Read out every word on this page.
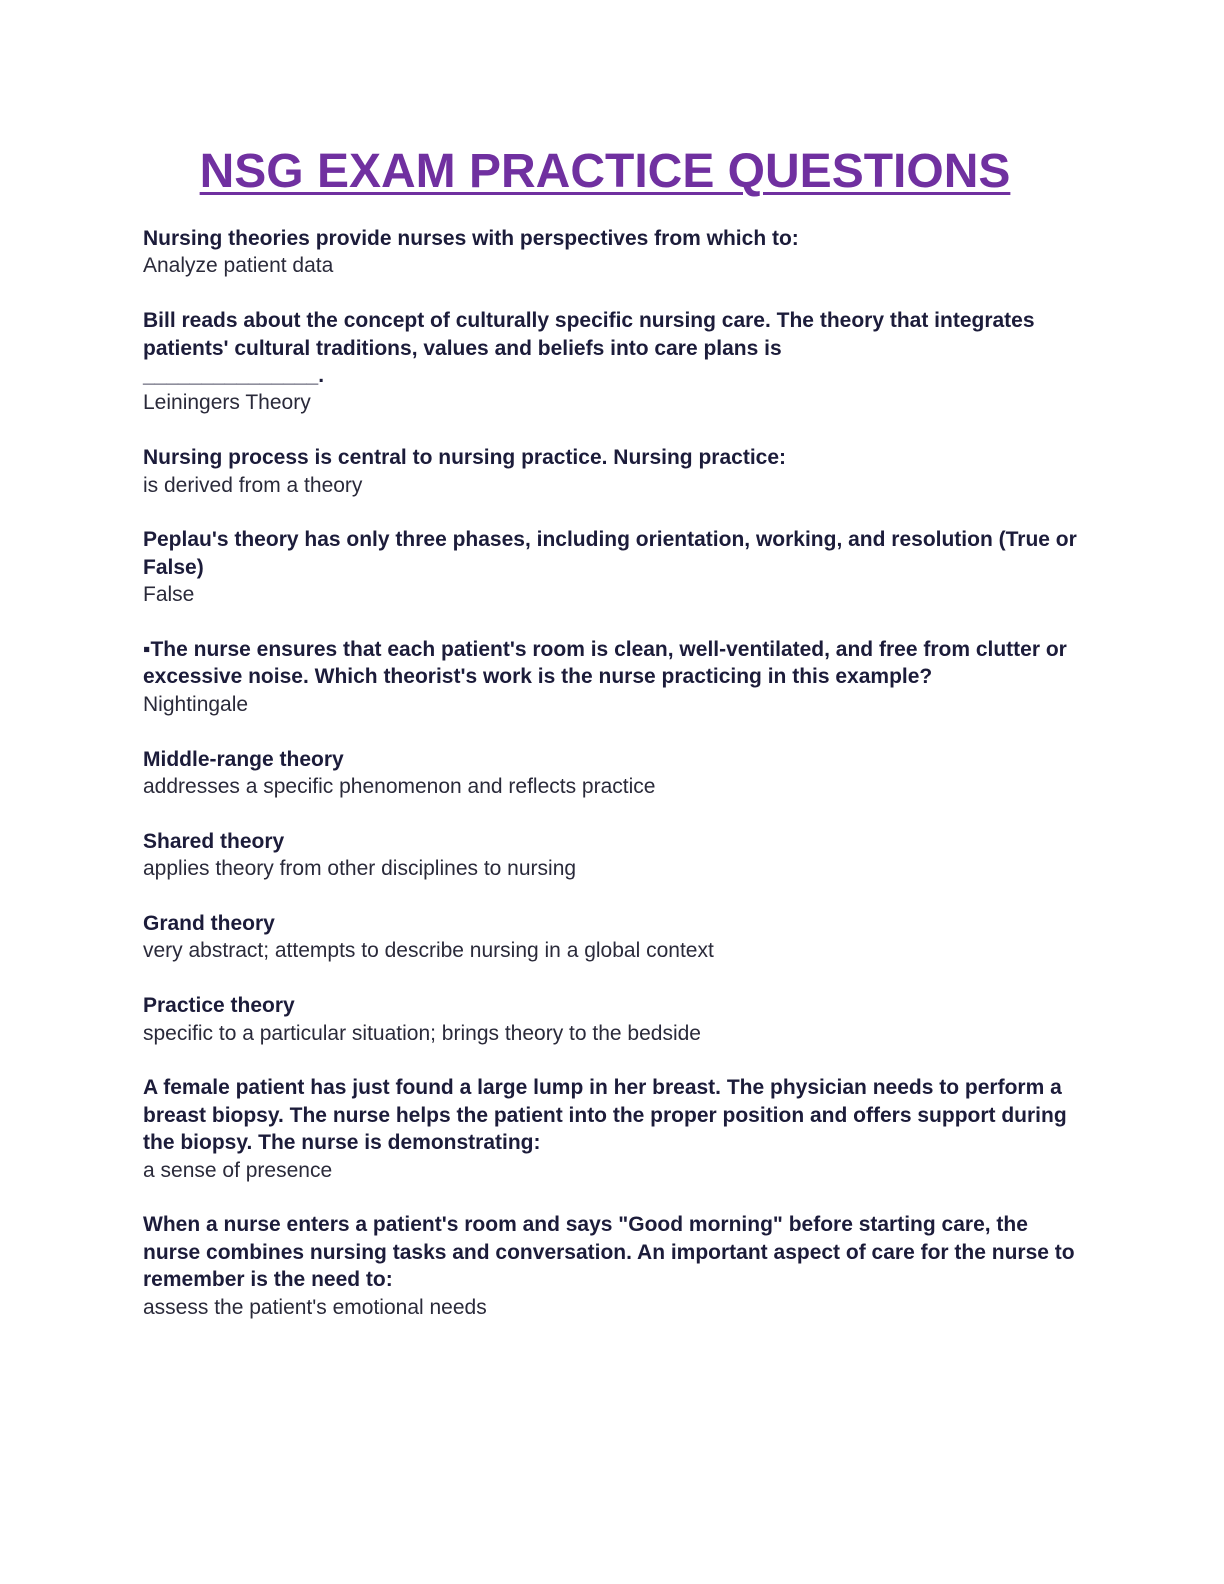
NSG EXAM PRACTICE QUESTIONS
Nursing theories provide nurses with perspectives from which to:
Analyze patient data
Bill reads about the concept of culturally specific nursing care. The theory that integrates patients' cultural traditions, values and beliefs into care plans is
_______________.
Leiningers Theory
Nursing process is central to nursing practice. Nursing practice:
is derived from a theory
Peplau's theory has only three phases, including orientation, working, and resolution (True or False)
False
▪The nurse ensures that each patient's room is clean, well-ventilated, and free from clutter or excessive noise. Which theorist's work is the nurse practicing in this example?
Nightingale
Middle-range theory
addresses a specific phenomenon and reflects practice
Shared theory
applies theory from other disciplines to nursing
Grand theory
very abstract; attempts to describe nursing in a global context
Practice theory
specific to a particular situation; brings theory to the bedside
A female patient has just found a large lump in her breast. The physician needs to perform a breast biopsy. The nurse helps the patient into the proper position and offers support during the biopsy. The nurse is demonstrating:
a sense of presence
When a nurse enters a patient's room and says "Good morning" before starting care, the nurse combines nursing tasks and conversation. An important aspect of care for the nurse to remember is the need to:
assess the patient's emotional needs
